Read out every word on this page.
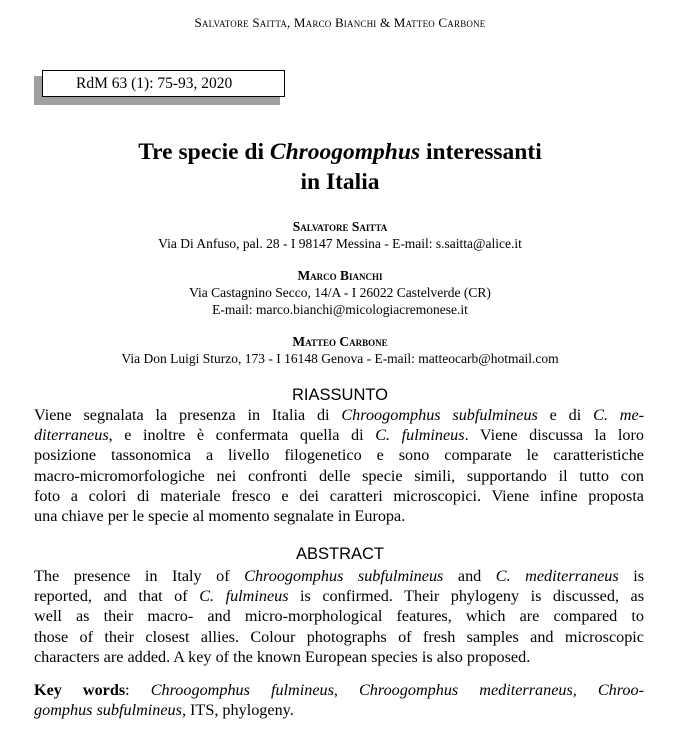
Salvatore Saitta, Marco Bianchi & Matteo Carbone
RdM 63 (1): 75-93, 2020
Tre specie di Chroogomphus interessanti
in Italia
Salvatore Saitta
Via Di Anfuso, pal. 28 - I 98147 Messina - E-mail: s.saitta@alice.it
Marco Bianchi
Via Castagnino Secco, 14/A - I 26022 Castelverde (CR)
E-mail: marco.bianchi@micologiacremonese.it
Matteo Carbone
Via Don Luigi Sturzo, 173 - I 16148 Genova - E-mail: matteocarb@hotmail.com
RIASSUNTO
Viene segnalata la presenza in Italia di Chroogomphus subfulmineus e di C. me-
diterraneus, e inoltre è confermata quella di C. fulmineus. Viene discussa la loro
posizione tassonomica a livello filogenetico e sono comparate le caratteristiche
macro-micromorfologiche nei confronti delle specie simili, supportando il tutto con
foto a colori di materiale fresco e dei caratteri microscopici. Viene infine proposta
una chiave per le specie al momento segnalate in Europa.
ABSTRACT
The presence in Italy of Chroogomphus subfulmineus and C. mediterraneus is
reported, and that of C. fulmineus is confirmed. Their phylogeny is discussed, as
well as their macro- and micro-morphological features, which are compared to
those of their closest allies. Colour photographs of fresh samples and microscopic
characters are added. A key of the known European species is also proposed.
Key words: Chroogomphus fulmineus, Chroogomphus mediterraneus, Chroo-
gomphus subfulmineus, ITS, phylogeny.
